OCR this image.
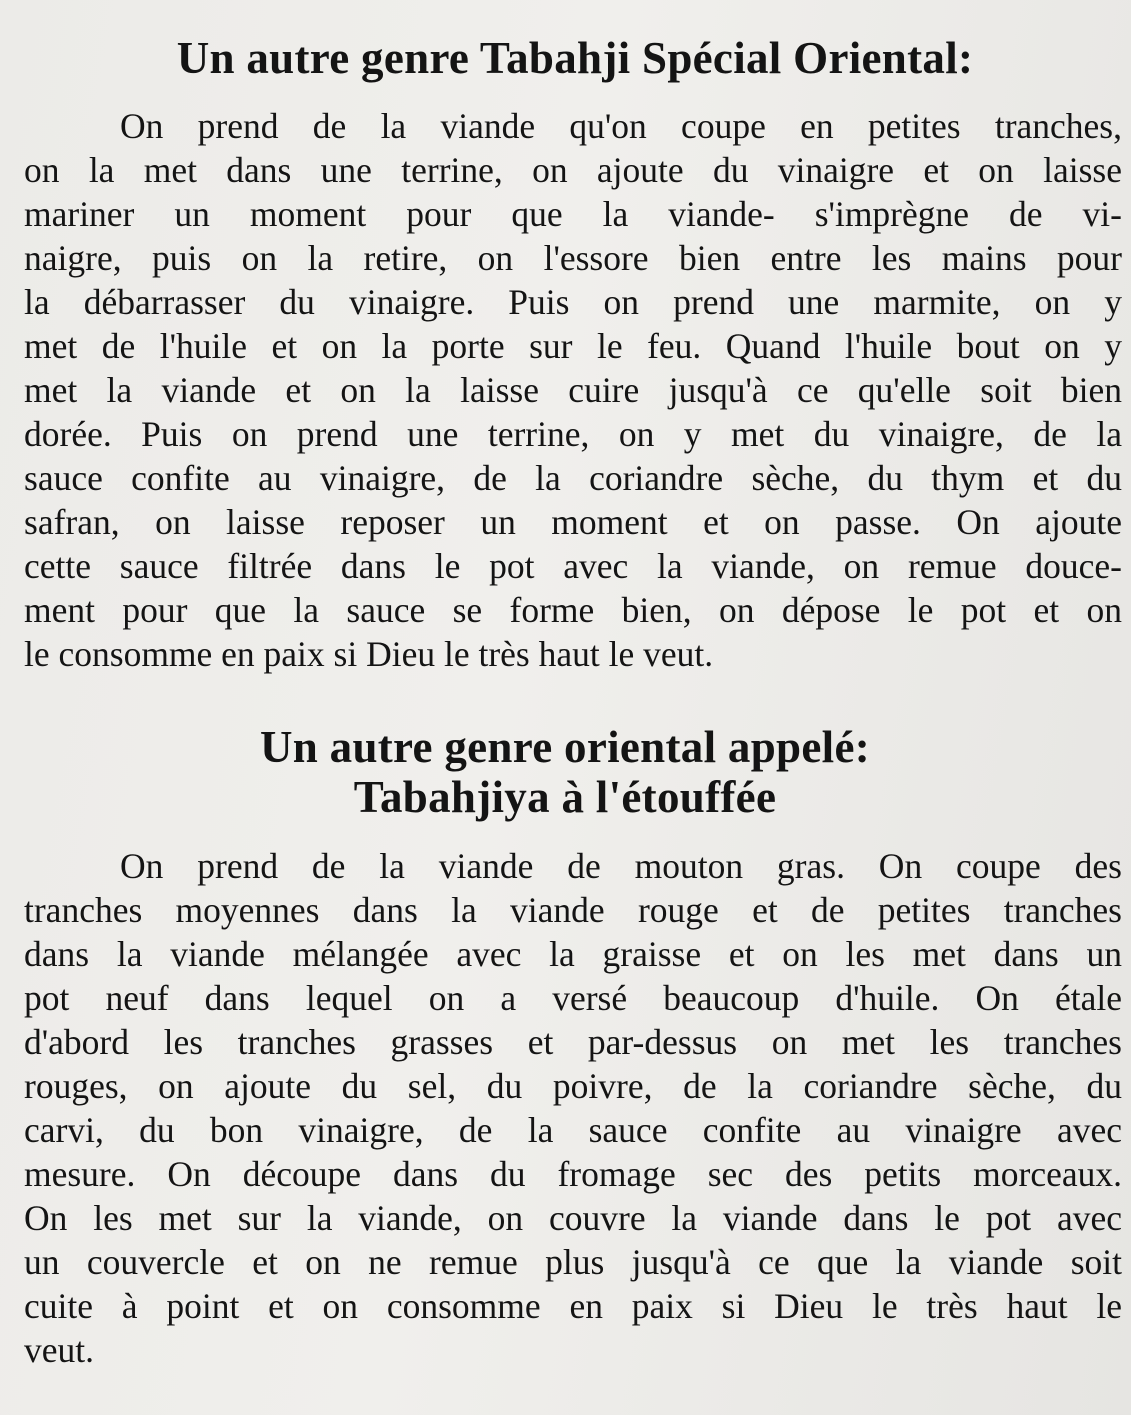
Un autre genre Tabahji Spécial Oriental:
On prend de la viande qu'on coupe en petites tranches,
on la met dans une terrine, on ajoute du vinaigre et on laisse
mariner un moment pour que la viande- s'imprègne de vi-
naigre, puis on la retire, on l'essore bien entre les mains pour
la débarrasser du vinaigre. Puis on prend une marmite, on y
met de l'huile et on la porte sur le feu. Quand l'huile bout on y
met la viande et on la laisse cuire jusqu'à ce qu'elle soit bien
dorée. Puis on prend une terrine, on y met du vinaigre, de la
sauce confite au vinaigre, de la coriandre sèche, du thym et du
safran, on laisse reposer un moment et on passe. On ajoute
cette sauce filtrée dans le pot avec la viande, on remue douce-
ment pour que la sauce se forme bien, on dépose le pot et on
le consomme en paix si Dieu le très haut le veut.
Un autre genre oriental appelé:
Tabahjiya à l'étouffée
On prend de la viande de mouton gras. On coupe des
tranches moyennes dans la viande rouge et de petites tranches
dans la viande mélangée avec la graisse et on les met dans un
pot neuf dans lequel on a versé beaucoup d'huile. On étale
d'abord les tranches grasses et par-dessus on met les tranches
rouges, on ajoute du sel, du poivre, de la coriandre sèche, du
carvi, du bon vinaigre, de la sauce confite au vinaigre avec
mesure. On découpe dans du fromage sec des petits morceaux.
On les met sur la viande, on couvre la viande dans le pot avec
un couvercle et on ne remue plus jusqu'à ce que la viande soit
cuite à point et on consomme en paix si Dieu le très haut le
veut.
